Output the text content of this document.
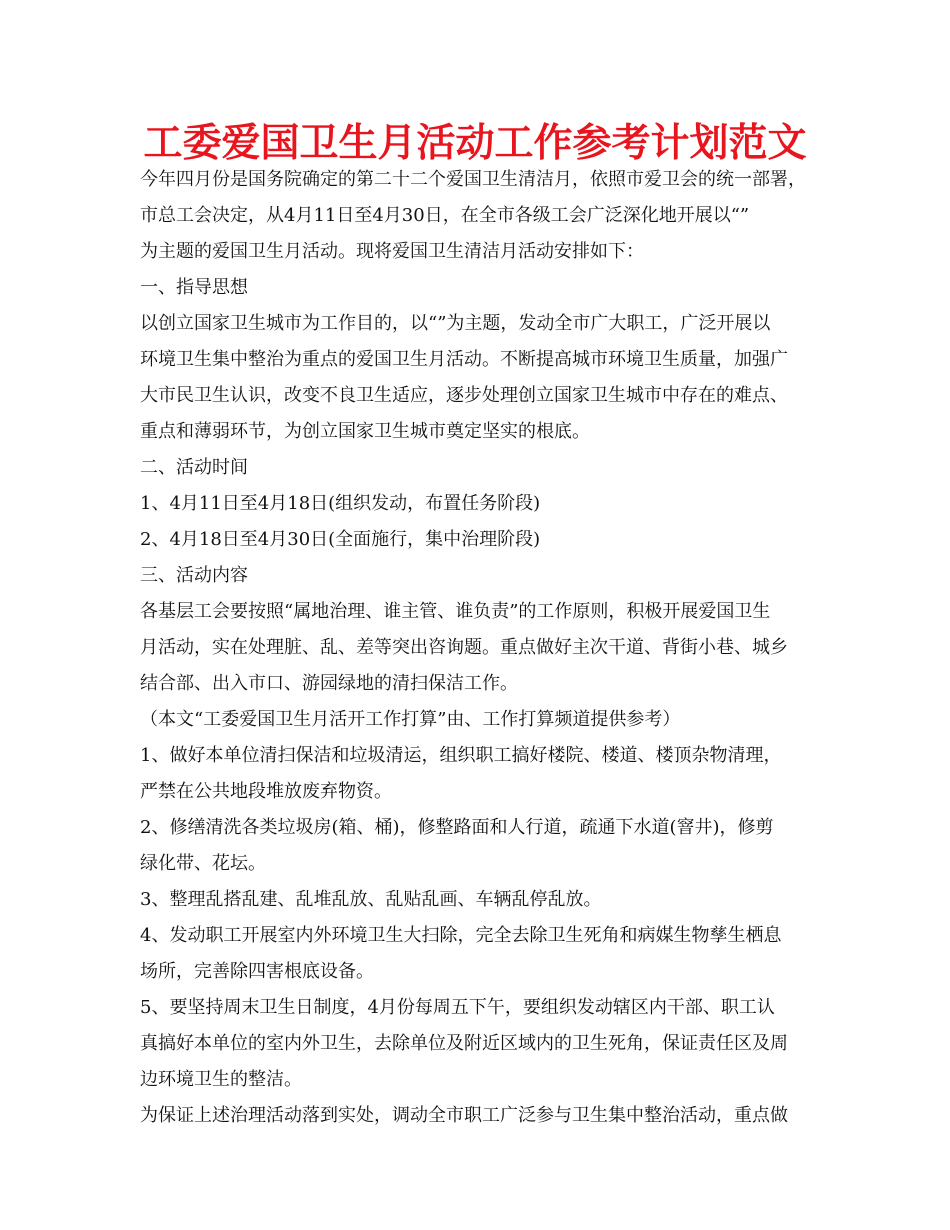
工委爱国卫生月活动工作参考计划范文
今年四月份是国务院确定的第二十二个爱国卫生清洁月，依照市爱卫会的统一部署，
市总工会决定，从4月11日至4月30日，在全市各级工会广泛深化地开展以“”
为主题的爱国卫生月活动。现将爱国卫生清洁月活动安排如下：
一、指导思想
以创立国家卫生城市为工作目的，以“”为主题，发动全市广大职工，广泛开展以
环境卫生集中整治为重点的爱国卫生月活动。不断提高城市环境卫生质量，加强广
大市民卫生认识，改变不良卫生适应，逐步处理创立国家卫生城市中存在的难点、
重点和薄弱环节，为创立国家卫生城市奠定坚实的根底。
二、活动时间
1、4月11日至4月18日(组织发动，布置任务阶段)
2、4月18日至4月30日(全面施行，集中治理阶段)
三、活动内容
各基层工会要按照“属地治理、谁主管、谁负责”的工作原则，积极开展爱国卫生
月活动，实在处理脏、乱、差等突出咨询题。重点做好主次干道、背街小巷、城乡
结合部、出入市口、游园绿地的清扫保洁工作。
（本文“工委爱国卫生月活开工作打算”由、工作打算频道提供参考）
1、做好本单位清扫保洁和垃圾清运，组织职工搞好楼院、楼道、楼顶杂物清理，
严禁在公共地段堆放废弃物资。
2、修缮清洗各类垃圾房(箱、桶)，修整路面和人行道，疏通下水道(窨井)，修剪
绿化带、花坛。
3、整理乱搭乱建、乱堆乱放、乱贴乱画、车辆乱停乱放。
4、发动职工开展室内外环境卫生大扫除，完全去除卫生死角和病媒生物孳生栖息
场所，完善除四害根底设备。
5、要坚持周末卫生日制度，4月份每周五下午，要组织发动辖区内干部、职工认
真搞好本单位的室内外卫生，去除单位及附近区域内的卫生死角，保证责任区及周
边环境卫生的整洁。
为保证上述治理活动落到实处，调动全市职工广泛参与卫生集中整治活动，重点做
